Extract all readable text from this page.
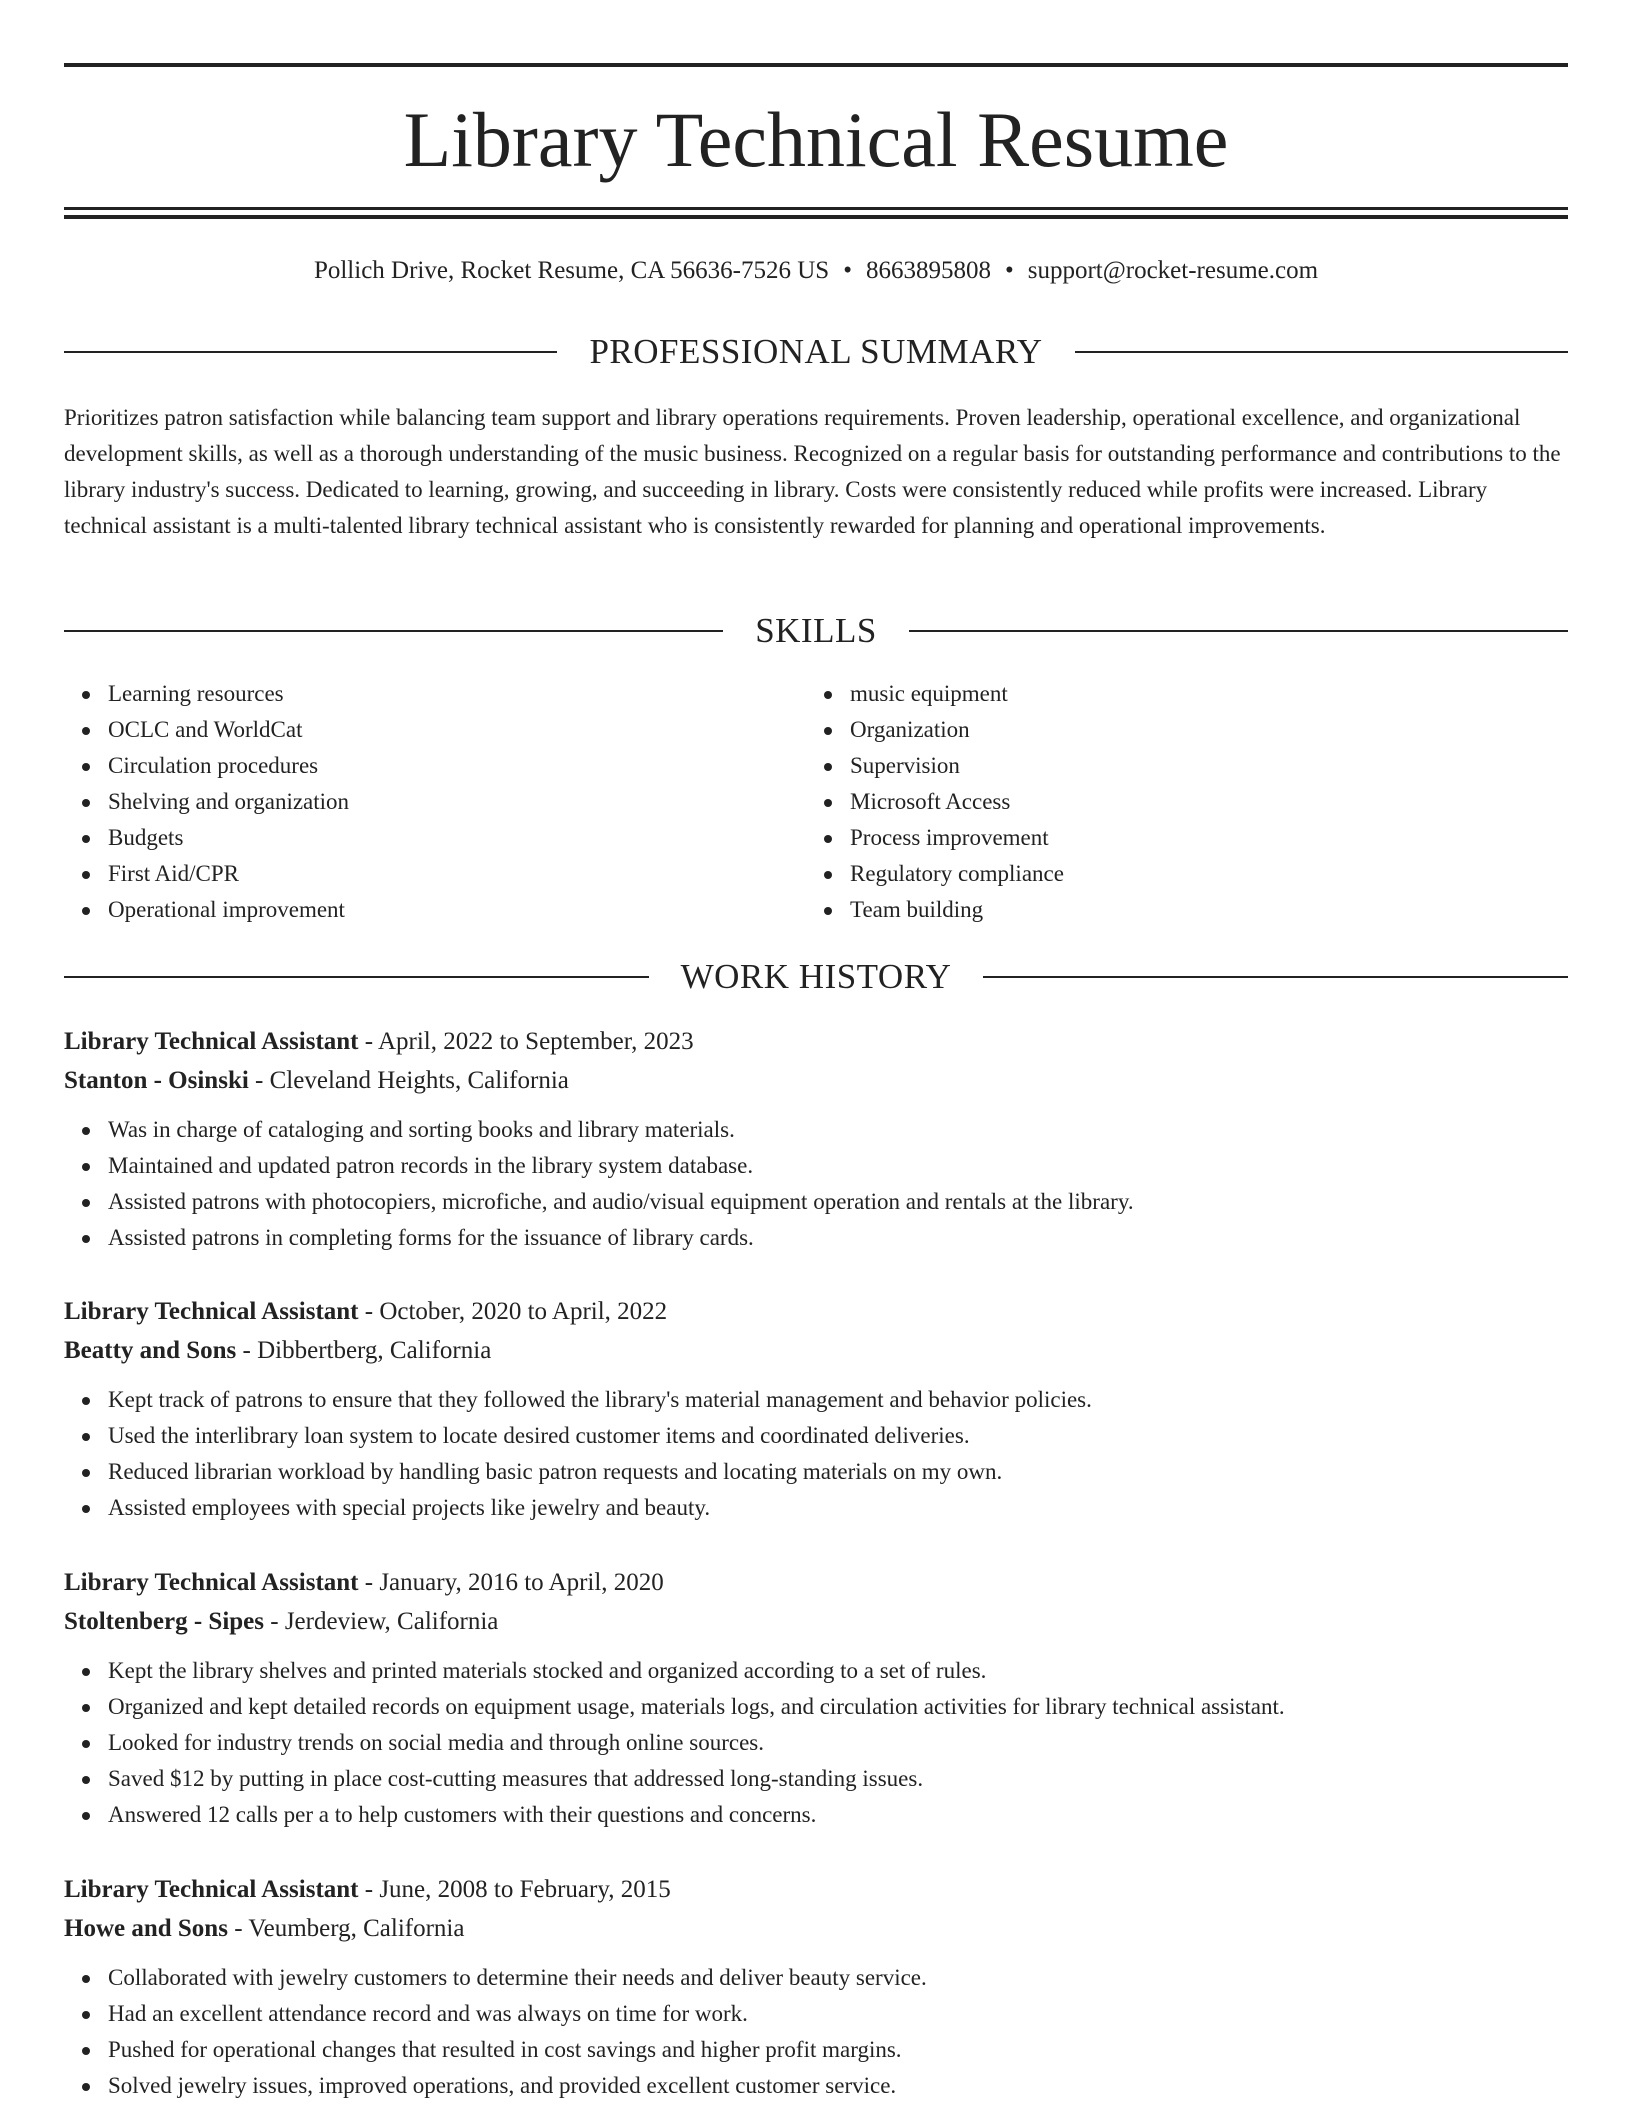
Library Technical Resume
Pollich Drive, Rocket Resume, CA 56636-7526 US • 8663895808 • support@rocket-resume.com
PROFESSIONAL SUMMARY

Prioritizes patron satisfaction while balancing team support and library operations requirements. Proven leadership, operational excellence, and organizational development skills, as well as a thorough understanding of the music business. Recognized on a regular basis for outstanding performance and contributions to the library industry's success. Dedicated to learning, growing, and succeeding in library. Costs were consistently reduced while profits were increased. Library technical assistant is a multi-talented library technical assistant who is consistently rewarded for planning and operational improvements.

SKILLS
Learning resources
OCLC and WorldCat
Circulation procedures
Shelving and organization
Budgets
First Aid/CPR
Operational improvement
music equipment
Organization
Supervision
Microsoft Access
Process improvement
Regulatory compliance
Team building
WORK HISTORY
Library Technical Assistant - April, 2022 to September, 2023
Stanton - Osinski - Cleveland Heights, California
Was in charge of cataloging and sorting books and library materials.
Maintained and updated patron records in the library system database.
Assisted patrons with photocopiers, microfiche, and audio/visual equipment operation and rentals at the library.
Assisted patrons in completing forms for the issuance of library cards.
Library Technical Assistant - October, 2020 to April, 2022
Beatty and Sons - Dibbertberg, California
Kept track of patrons to ensure that they followed the library's material management and behavior policies.
Used the interlibrary loan system to locate desired customer items and coordinated deliveries.
Reduced librarian workload by handling basic patron requests and locating materials on my own.
Assisted employees with special projects like jewelry and beauty.
Library Technical Assistant - January, 2016 to April, 2020
Stoltenberg - Sipes - Jerdeview, California
Kept the library shelves and printed materials stocked and organized according to a set of rules.
Organized and kept detailed records on equipment usage, materials logs, and circulation activities for library technical assistant.
Looked for industry trends on social media and through online sources.
Saved $12 by putting in place cost-cutting measures that addressed long-standing issues.
Answered 12 calls per a to help customers with their questions and concerns.
Library Technical Assistant - June, 2008 to February, 2015
Howe and Sons - Veumberg, California
Collaborated with jewelry customers to determine their needs and deliver beauty service.
Had an excellent attendance record and was always on time for work.
Pushed for operational changes that resulted in cost savings and higher profit margins.
Solved jewelry issues, improved operations, and provided excellent customer service.
